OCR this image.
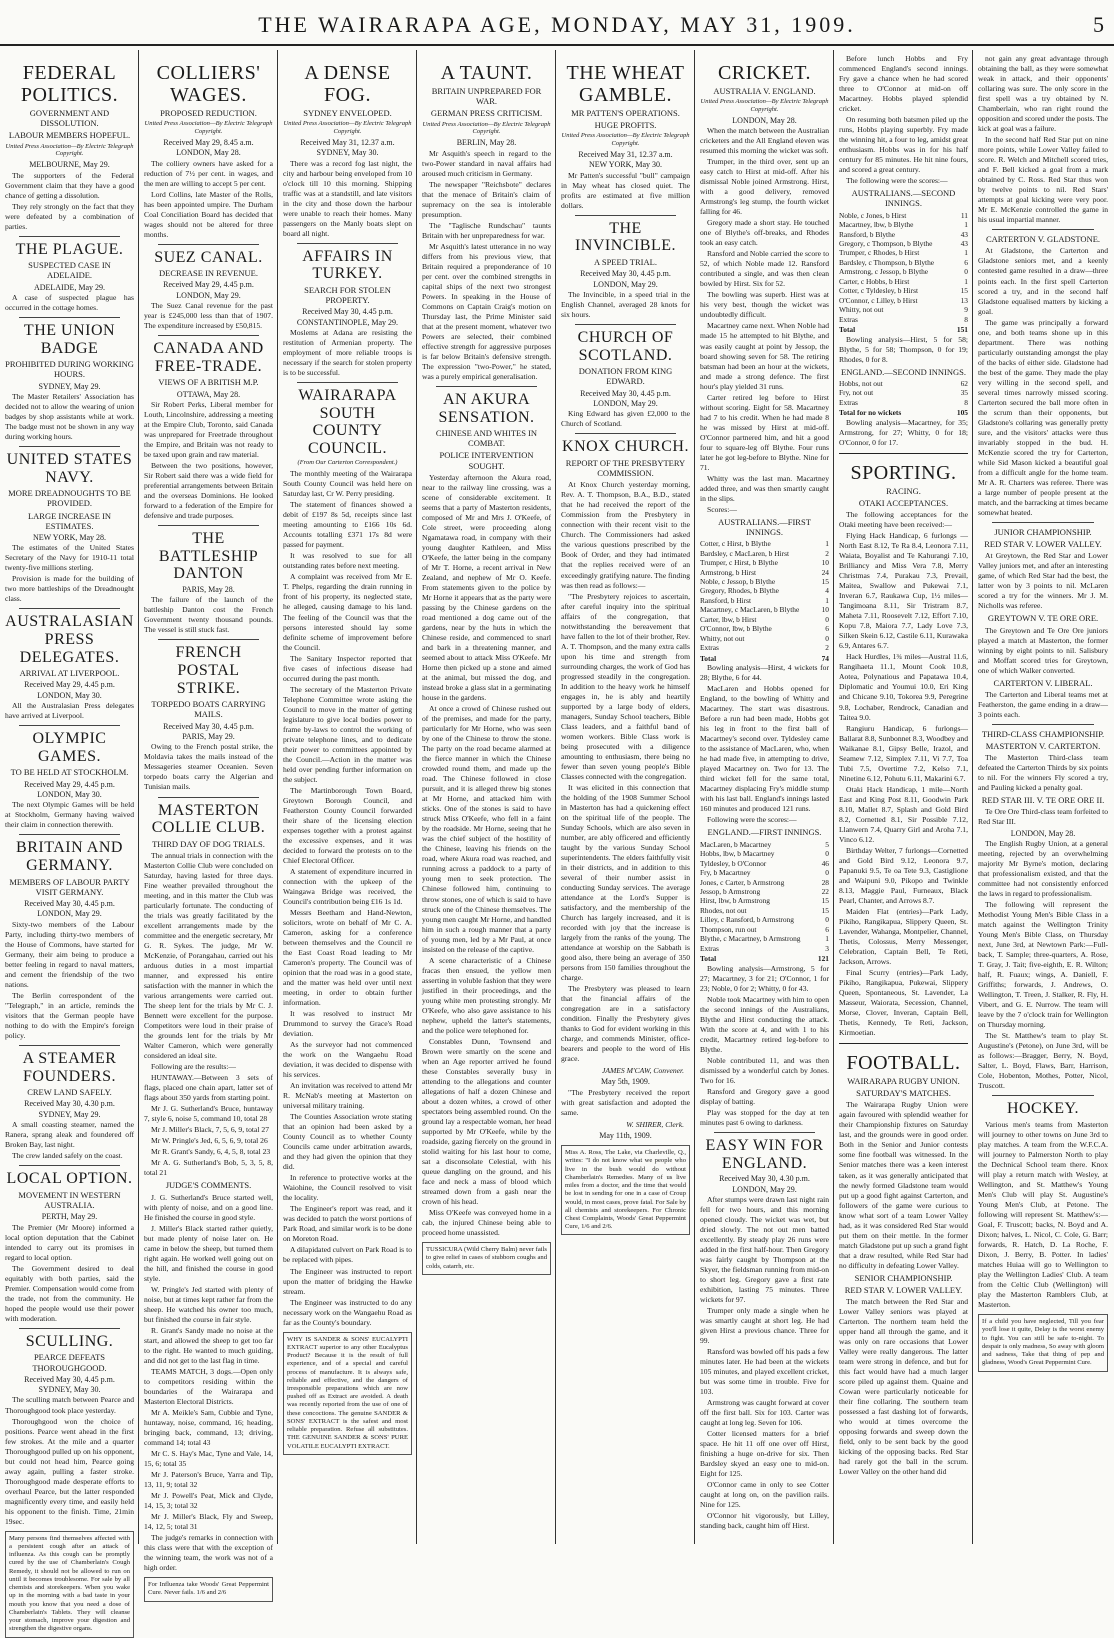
THE WAIRARAPA AGE, MONDAY, MAY 31, 1909.	5
FEDERAL POLITICS.
GOVERNMENT AND DISSOLUTION.
LABOUR MEMBERS HOPEFUL.
United Press Association—By Electric Telegraph Copyright.
MELBOURNE, May 29.

The supporters of the Federal Government claim that they have a good chance of getting a dissolution.

They rely strongly on the fact that they were defeated by a combination of parties.

THE PLAGUE.
SUSPECTED CASE IN ADELAIDE.
ADELAIDE, May 29.

A case of suspected plague has occurred in the cottage homes.

THE UNION BADGE
PROHIBITED DURING WORKING HOURS.
SYDNEY, May 29.

The Master Retailers' Association has decided not to allow the wearing of union badges by shop assistants while at work. The badge must not be shown in any way during working hours.

UNITED STATES NAVY.
MORE DREADNOUGHTS TO BE PROVIDED.
LARGE INCREASE IN ESTIMATES.
NEW YORK, May 28.

The estimates of the United States Secretary of the Navy for 1910-11 total twenty-five millions sterling.

Provision is made for the building of two more battleships of the Dreadnought class.

AUSTRALASIAN PRESS DELEGATES.
ARRIVAL AT LIVERPOOL.
Received May 29, 4.45 p.m.
LONDON, May 30.

All the Australasian Press delegates have arrived at Liverpool.

OLYMPIC GAMES.
TO BE HELD AT STOCKHOLM.
Received May 29, 4.45 p.m.
LONDON, May 30.

The next Olympic Games will be held at Stockholm, Germany having waived their claim in connection therewith.

BRITAIN AND GERMANY.
MEMBERS OF LABOUR PARTY VISIT GERMANY.
Received May 30, 4.45 p.m.
LONDON, May 29.

Sixty-two members of the Labour Party, including thirty-two members of the House of Commons, have started for Germany, their aim being to produce a better feeling in regard to naval matters, and cement the friendship of the two nations.

The Berlin correspondent of the "Telegraph," in an article, reminds the visitors that the German people have nothing to do with the Empire's foreign policy.

A STEAMER FOUNDERS.
CREW LAND SAFELY.
Received May 30, 4.30 p.m.
SYDNEY, May 29.

A small coasting steamer, named the Ranera, sprang aleak and foundered off Broken Bay, last night.

The crew landed safely on the coast.

LOCAL OPTION.
MOVEMENT IN WESTERN AUSTRALIA.
PERTH, May 29.

The Premier (Mr Moore) informed a local option deputation that the Cabinet intended to carry out its promises in regard to local option.

The Government desired to deal equitably with both parties, said the Premier. Compensation would come from the trade, not from the community. He hoped the people would use their power with moderation.

SCULLING.
PEARCE DEFEATS THOROUGHGOOD.
Received May 30, 4.45 p.m.
SYDNEY, May 30.

The sculling match between Pearce and Thoroughgood took place yesterday.

Thoroughgood won the choice of positions. Pearce went ahead in the first few strokes. At the mile and a quarter Thoroughgood pulled up on his opponent, but could not head him, Pearce going away again, pulling a faster stroke. Thoroughgood made desperate efforts to overhaul Pearce, but the latter responded magnificently every time, and easily held his opponent to the finish. Time, 21min 19sec.

Many persons find themselves affected with a persistent cough after an attack of influenza. As this cough can be promptly cured by the use of Chamberlain's Cough Remedy, it should not be allowed to run on until it becomes troublesome. For sale by all chemists and storekeepers. When you wake up in the morning with a bad taste in your mouth you know that you need a dose of Chamberlain's Tablets. They will cleanse your stomach, improve your digestion and strengthen the digestive organs.
COLLIERS' WAGES.
PROPOSED REDUCTION.
United Press Association—By Electric Telegraph Copyright.
Received May 29, 8.45 a.m.
LONDON, May 28.

The colliery owners have asked for a reduction of 7½ per cent. in wages, and the men are willing to accept 5 per cent.

Lord Collins, late Master of the Rolls, has been appointed umpire. The Durham Coal Conciliation Board has decided that wages should not be altered for three months.

SUEZ CANAL.
DECREASE IN REVENUE.
Received May 29, 4.45 p.m.
LONDON, May 29.

The Suez Canal revenue for the past year is £245,000 less than that of 1907. The expenditure increased by £50,815.

CANADA AND FREE-TRADE.
VIEWS OF A BRITISH M.P.
OTTAWA, May 28.

Sir Robert Perks, Liberal member for Louth, Lincolnshire, addressing a meeting at the Empire Club, Toronto, said Canada was unprepared for Freetrade throughout the Empire, and Britain was not ready to be taxed upon grain and raw material.

Between the two positions, however, Sir Robert said there was a wide field for preferential arrangements between Britain and the overseas Dominions. He looked forward to a federation of the Empire for defensive and trade purposes.

THE BATTLESHIP DANTON
PARIS, May 28.

The failure of the launch of the battleship Danton cost the French Government twenty thousand pounds. The vessel is still stuck fast.

FRENCH POSTAL STRIKE.
TORPEDO BOATS CARRYING MAILS.
Received May 30, 4.45 p.m.
PARIS, May 29.

Owing to the French postal strike, the Moldavia takes the mails instead of the Messageries steamer Oceanien. Seven torpedo boats carry the Algerian and Tunisian mails.

MASTERTON COLLIE CLUB.
THIRD DAY OF DOG TRIALS.

The annual trials in connection with the Masterton Collie Club were concluded on Saturday, having lasted for three days. Fine weather prevailed throughout the meeting, and in this matter the Club was particularly fortunate. The conducting of the trials was greatly facilitated by the excellent arrangements made by the committee and the energetic secretary, Mr G. R. Sykes. The judge, Mr W. McKenzie, of Porangahau, carried out his arduous duties in a most impartial manner, and expressed his entire satisfaction with the manner in which the various arrangements were carried out. The sheep lent for the trials by Mr C. J. Bennett were excellent for the purpose. Competitors were loud in their praise of the grounds lent for the trials by Mr Walter Cameron, which were generally considered an ideal site.

Following are the results:—

HUNTAWAY.—Between 3 sets of flags, placed one chain apart, latter set of flags about 350 yards from starting point.

Mr J. G. Sutherland's Bruce, huntaway 7, style 6, noise 5, command 10, total 28

Mr J. Miller's Black, 7, 5, 6, 9, total 27

Mr W. Pringle's Jed, 6, 5, 6, 9, total 26

Mr R. Grant's Sandy, 6, 4, 5, 8, total 23

Mr A. G. Sutherland's Bob, 5, 3, 5, 8, total 21

JUDGE'S COMMENTS.

J. G. Sutherland's Bruce started well, with plenty of noise, and on a good line. He finished the course in good style.

J. Miller's Black started rather quietly, but made plenty of noise later on. He came in below the sheep, but turned them right again. He worked well going out on the hill, and finished the course in good style.

W. Pringle's Jed started with plenty of noise, but at times kept rather far from the sheep. He watched his owner too much, but finished the course in fair style.

R. Grant's Sandy made no noise at the start, and allowed the sheep to get too far to the right. He wanted to much guiding, and did not get to the last flag in time.

TEAMS MATCH, 3 dogs.—Open only to competitors residing within the boundaries of the Wairarapa and Masterton Electoral Districts.

Mr A. Meikle's Sam, Cubbie and Tyne, huntaway, noise, command, 16; heading, bringing back, command, 13; driving, command 14; total 43

Mr C. S. Hay's Mac, Tyne and Vale, 14, 15, 6; total 35

Mr J. Paterson's Bruce, Yarra and Tip, 13, 11, 9; total 32

Mr J. Powell's Peat, Mick and Clyde, 14, 15, 3; total 32

Mr J. Miller's Black, Fly and Sweep, 14, 12, 5; total 31

The judge's remarks in connection with this class were that with the exception of the winning team, the work was not of a high order.

For Influenza take Woods' Great Peppermint Cure. Never fails. 1/6 and 2/6
A DENSE FOG.
SYDNEY ENVELOPED.
United Press Association—By Electric Telegraph Copyright.
Received May 31, 12.37 a.m.
SYDNEY, May 30.

There was a record fog last night, the city and harbour being enveloped from 10 o'clock till 10 this morning. Shipping traffic was at a standstill, and late visitors in the city and those down the harbour were unable to reach their homes. Many passengers on the Manly boats slept on board all night.

AFFAIRS IN TURKEY.
SEARCH FOR STOLEN PROPERTY.
Received May 30, 4.45 p.m.
CONSTANTINOPLE, May 29.

Moslems at Adana are resisting the restitution of Armenian property. The employment of more reliable troops is necessary if the search for stolen property is to be successful.

WAIRARAPA SOUTH COUNTY COUNCIL.
(From Our Carterton Correspondent.)

The monthly meeting of the Wairarapa South County Council was held here on Saturday last, Cr W. Perry presiding.

The statement of finances showed a debit of £197 8s 5d, receipts since last meeting amounting to £166 10s 6d. Accounts totalling £371 17s 8d were passed for payment.

It was resolved to sue for all outstanding rates before next meeting.

A complaint was received from Mr E. T. Phelps, regarding the drain running in front of his property, its neglected state, he alleged, causing damage to his land. The feeling of the Council was that the persons interested should lay some definite scheme of improvement before the Council.

The Sanitary Inspector reported that five cases of infectious disease had occurred during the past month.

The secretary of the Masterton Private Telephone Committee wrote asking the Council to move in the matter of getting legislature to give local bodies power to frame by-laws to control the working of private telephone lines, and to dedicate their power to committees appointed by the Council.—Action in the matter was held over pending further information on the subject.

The Martinborough Town Board, Greytown Borough Council, and Featherston County Council forwarded their share of the licensing election expenses together with a protest against the excessive expenses, and it was decided to forward the protests on to the Chief Electoral Officer.

A statement of expenditure incurred in connection with the upkeep of the Waingawa Bridge was received, the Council's contribution being £16 1s 1d.

Messrs Beetham and Hand-Newton, solicitors, wrote on behalf of Mr C. A. Cameron, asking for a conference between themselves and the Council re the East Coast Road leading to Mr Cameron's property. The Council was of opinion that the road was in a good state, and the matter was held over until next meeting, in order to obtain further information.

It was resolved to instruct Mr Drummond to survey the Grace's Road deviation.

As the surveyor had not commenced the work on the Wangaehu Road deviation, it was decided to dispense with his services.

An invitation was received to attend Mr R. McNab's meeting at Masterton on universal military training.

The Counties Association wrote stating that an opinion had been asked by a County Council as to whether County Councils came under arbitration awards, and they had given the opinion that they did.

In reference to protective works at the Waiohine, the Council resolved to visit the locality.

The Engineer's report was read, and it was decided to patch the worst portions of Park Road, and similar work is to be done on Moreton Road.

A dilapidated culvert on Park Road is to be replaced with pipes.

The Engineer was instructed to report upon the matter of bridging the Hawke stream.

The Engineer was instructed to do any necessary work on the Wangaehu Road as far as the County's boundary.

WHY IS SANDER & SONS' EUCALYPTI EXTRACT superior to any other Eucalyptus Product? Because it is the result of full experience, and of a special and careful process of manufacture. It is always safe, reliable and effective, and the dangers of irresponsible preparations which are now pushed off as Extract are avoided. A death was recently reported from the use of one of these concoctions. The genuine SANDER & SONS' EXTRACT is the safest and most reliable preparation. Refuse all substitutes. THE GENUINE SANDER & SONS' PURE VOLATILE EUCALYPTI EXTRACT.
A TAUNT.
BRITAIN UNPREPARED FOR WAR.
GERMAN PRESS CRITICISM.
United Press Association—By Electric Telegraph Copyright.
BERLIN, May 28.

Mr Asquith's speech in regard to the two-Power standard in naval affairs had aroused much criticism in Germany.

The newspaper "Reichsbote" declares that the menace of Britain's claim of supremacy on the sea is intolerable presumption.

The "Taglische Rundschau" taunts Britain with her unpreparedness for war.

Mr Asquith's latest utterance in no way differs from his previous view, that Britain required a preponderance of 10 per cent. over the combined strengths in capital ships of the next two strongest Powers. In speaking in the House of Commons on Captain Craig's motion on Thursday last, the Prime Minister said that at the present moment, whatever two Powers are selected, their combined effective strength for aggressive purposes is far below Britain's defensive strength. The expression "two-Power," he stated, was a purely empirical generalisation.

AN AKURA SENSATION.
CHINESE AND WHITES IN COMBAT.
POLICE INTERVENTION SOUGHT.

Yesterday afternoon the Akura road, near to the railway line crossing, was a scene of considerable excitement. It seems that a party of Masterton residents, composed of Mr and Mrs J. O'Keefe, of Cole street, were proceeding along Ngamatawa road, in company with their young daughter Kathleen, and Miss O'Keefe, the latter being in the company of Mr T. Horne, a recent arrival in New Zealand, and nephew of Mr O. Keefe. From statements given to the police by Mr Horne it appears that as the party were passing by the Chinese gardens on the road mentioned a dog came out of the gardens, near by the huts in which the Chinese reside, and commenced to snarl and bark in a threatening manner, and seemed about to attack Miss O'Keefe. Mr Horne then picked up a stone and aimed at the animal, but missed the dog, and instead broke a glass slat in a germinating house in the gardens.

At once a crowd of Chinese rushed out of the premises, and made for the party, particularly for Mr Horne, who was seen by one of the Chinese to throw the stone. The party on the road became alarmed at the fierce manner in which the Chinese crowded round them, and made up the road. The Chinese followed in close pursuit, and it is alleged threw big stones at Mr Horne, and attacked him with sticks. One of the stones is said to have struck Miss O'Keefe, who fell in a faint by the roadside. Mr Horne, seeing that he was the chief subject of the hostility of the Chinese, leaving his friends on the road, where Akura road was reached, and running across a paddock to a party of young men to seek protection. The Chinese followed him, continuing to throw stones, one of which is said to have struck one of the Chinese themselves. The young men caught Mr Horne, and handled him in such a rough manner that a party of young men, led by a Mr Paul, at once insisted on the release of the captive.

A scene characteristic of a Chinese fracas then ensued, the yellow men asserting in voluble fashion that they were justified in their proceedings, and the young white men protesting strongly. Mr O'Keefe, who also gave assistance to his nephew, upheld the latter's statements, and the police were telephoned for.

Constables Dunn, Townsend and Brown were smartly on the scene and when an Age reporter arrived he found these Constables severally busy in attending to the allegations and counter allegations of half a dozen Chinese and about a dozen whites, a crowd of other spectators being assembled round. On the ground lay a respectable woman, her head supported by Mr O'Keefe, while by the roadside, gazing fiercely on the ground in stolid waiting for his last hour to come, sat a disconsolate Celestial, with his queue dangling on the ground, and his face and neck a mass of blood which streamed down from a gash near the crown of his head.

Miss O'Keefe was conveyed home in a cab, the injured Chinese being able to proceed home unassisted.

TUSSICURA (Wild Cherry Balm) never fails to give relief in cases of stubborn coughs and colds, catarrh, etc.
THE WHEAT GAMBLE.
MR PATTEN'S OPERATIONS.
HUGE PROFITS.
United Press Association—By Electric Telegraph Copyright.
Received May 31, 12.37 a.m.
NEW YORK, May 30.

Mr Patten's successful "bull" campaign in May wheat has closed quiet. The profits are estimated at five million dollars.

THE INVINCIBLE.
A SPEED TRIAL.
Received May 30, 4.45 p.m.
LONDON, May 29.

The Invincible, in a speed trial in the English Channel, averaged 28 knots for six hours.

CHURCH OF SCOTLAND.
DONATION FROM KING EDWARD.
Received May 30, 4.45 p.m.
LONDON, May 29.

King Edward has given £2,000 to the Church of Scotland.

KNOX CHURCH.
REPORT OF THE PRESBYTERY COMMISSION.

At Knox Church yesterday morning, Rev. A. T. Thompson, B.A., B.D., stated that he had received the report of the Commission from the Presbytery in connection with their recent visit to the Church. The Commissioners had asked the various questions prescribed by the Book of Order, and they had intimated that the replies received were of an exceedingly gratifying nature. The finding was then read as follows:—

"The Presbytery rejoices to ascertain, after careful inquiry into the spiritual affairs of the congregation, that notwithstanding the bereavement that have fallen to the lot of their brother, Rev. A. T. Thompson, and the many extra calls upon his time and strength from surrounding charges, the work of God has progressed steadily in the congregation. In addition to the heavy work he himself engages in, he is ably and heartily supported by a large body of elders, managers, Sunday School teachers, Bible Class leaders, and a faithful band of women workers. Bible Class work is being prosecuted with a diligence amounting to enthusiasm, there being no fewer than seven young people's Bible Classes connected with the congregation.

It was elicited in this connection that the holding of the 1908 Summer School in Masterton has had a quickening effect on the spiritual life of the people. The Sunday Schools, which are also seven in number, are ably officered and efficiently taught by the various Sunday School superintendents. The elders faithfully visit in their districts, and in addition to this several of their number assist in conducting Sunday services. The average attendance at the Lord's Supper is satisfactory, and the membership of the Church has largely increased, and it is recorded with joy that the increase is largely from the ranks of the young. The attendance at worship on the Sabbath is good also, there being an average of 350 persons from 150 families throughout the charge.

The Presbytery was pleased to learn that the financial affairs of the congregation are in a satisfactory condition. Finally the Presbytery gives thanks to God for evident working in this charge, and commends Minister, office-bearers and people to the word of His grace.

JAMES M'CAW, Convener.
May 5th, 1909.

"The Presbytery received the report with great satisfaction and adopted the same.

W. SHIRER, Clerk.
May 11th, 1909.
Miss A. Ross, The Lake, via Charleville, Q., writes: "I do not know what we people who live in the bush would do without Chamberlain's Remedies. Many of us live miles from a doctor, and the time that would be lost in sending for one in a case of Croup would, in most cases, prove fatal. For Sale by all chemists and storekeepers. For Chronic Chest Complaints, Woods' Great Peppermint Cure, 1/6 and 2/6.
CRICKET.
AUSTRALIA V. ENGLAND.
United Press Association—By Electric Telegraph Copyright.
LONDON, May 28.

When the match between the Australian cricketers and the All England eleven was resumed this morning the wicket was soft.

Trumper, in the third over, sent up an easy catch to Hirst at mid-off. After his dismissal Noble joined Armstrong. Hirst, with a good delivery, removed Armstrong's leg stump, the fourth wicket falling for 46.

Gregory made a short stay. He touched one of Blythe's off-breaks, and Rhodes took an easy catch.

Ransford and Noble carried the score to 52, of which Noble made 12. Ransford contributed a single, and was then clean bowled by Hirst. Six for 52.

The bowling was superb. Hirst was at his very best, though the wicket was undoubtedly difficult.

Macartney came next. When Noble had made 15 he attempted to hit Blythe, and was easily caught at point by Jessop, the board showing seven for 58. The retiring batsman had been an hour at the wickets, and made a strong defence. The first hour's play yielded 31 runs.

Carter retired leg before to Hirst without scoring. Eight for 58. Macartney had 7 to his credit. When he had made 8 he was missed by Hirst at mid-off. O'Connor partnered him, and hit a good four to square-leg off Blythe. Four runs later he got leg-before to Blythe. Nine for 71.

Whitty was the last man. Macartney added three, and was then smartly caught in the slips.

Scores:—

AUSTRALIANS.—FIRST INNINGS.
Cotter, c Hirst, b Blythe	1
Bardsley, c MacLaren, b Hirst	2
Trumper, c Hirst, b Blythe	10
Armstrong, b Hirst	24
Noble, c Jessop, b Blythe	15
Gregory, Rhodes, b Blythe	4
Ransford, b Hirst	1
Macartney, c MacLaren, b Blythe	10
Carter, lbw, b Hirst	0
O'Connor, lbw, b Blythe	6
Whitty, not out	0
Extras	2
Total	74

Bowling analysis—Hirst, 4 wickets for 28; Blythe, 6 for 44.

MacLaren and Hobbs opened for England, to the bowling of Whitty and Macartney. The start was disastrous. Before a run had been made, Hobbs got his leg in front to the first ball of Macartney's second over. Tyldesley came to the assistance of MacLaren, who, when he had made five, in attempting to drive, played Macartney on. Two for 13. The third wicket fell for the same total, Macartney displacing Fry's middle stump with his last ball. England's innings lasted 160 minutes and produced 121 runs.

Following were the scores:—

ENGLAND.—FIRST INNINGS.
MacLaren, b Macartney	5
Hobbs, lbw, b Macartney	0
Tyldesley, b O'Connor	46
Fry, b Macartney	0
Jones, c Carter, b Armstrong	28
Jessop, b Armstrong	22
Hirst, lbw, b Armstrong	15
Rhodes, not out	15
Lilley, c Ransford, b Armstrong	0
Thompson, run out	6
Blythe, c Macartney, b Armstrong	1
Extras	3
Total	121

Bowling analysis—Armstrong, 5 for 27; Macartney, 3 for 21; O'Connor, 1 for 23; Noble, 0 for 2; Whitty, 0 for 43.

Noble took Macartney with him to open the second innings of the Australians, Blythe and Hirst conducting the attack. With the score at 4, and with 1 to his credit, Macartney retired leg-before to Blythe.

Noble contributed 11, and was then dismissed by a wonderful catch by Jones. Two for 16.

Ransford and Gregory gave a good display of batting.

Play was stopped for the day at ten minutes past 6 owing to darkness.

EASY WIN FOR ENGLAND.
Received May 30, 4.30 p.m.
LONDON, May 29.

After stumps were drawn last night rain fell for two hours, and this morning opened cloudy. The wicket was wet, but dried slowly. The not out men batted excellently. By steady play 26 runs were added in the first half-hour. Then Gregory was fairly caught by Thompson at the Skyer, the fieldsman running from mid-on to short leg. Gregory gave a first rate exhibition, lasting 75 minutes. Three wickets for 97.

Trumper only made a single when he was smartly caught at short leg. He had given Hirst a previous chance. Three for 99.

Ransford was bowled off his pads a few minutes later. He had been at the wickets 105 minutes, and played excellent cricket, but was some time in trouble. Five for 103.

Armstrong was caught forward at cover off the first ball. Six for 103. Carter was caught at long leg. Seven for 106.

Cotter licensed matters for a brief space. He hit 11 off one over off Hirst, finishing a huge on-drive for six. Then Bardsley skyed an easy one to mid-on. Eight for 125.

O'Connor came in only to see Cotter caught at long on, on the pavilion rails. Nine for 125.

O'Connor hit vigorously, but Lilley, standing back, caught him off Hirst.

Before lunch Hobbs and Fry commenced England's second innings. Fry gave a chance when he had scored three to O'Connor at mid-on off Macartney. Hobbs played splendid cricket.

On resuming both batsmen piled up the runs, Hobbs playing superbly. Fry made the winning hit, a four to leg, amidst great enthusiasm. Hobbs was in for his half century for 85 minutes. He hit nine fours, and scored a great century.

The following were the scores:—

AUSTRALIANS.—SECOND INNINGS.
Noble, c Jones, b Hirst	11
Macartney, lbw, b Blythe	1
Ransford, b Blythe	43
Gregory, c Thompson, b Blythe	43
Trumper, c Rhodes, b Hirst	1
Bardsley, c Thompson, b Blythe	6
Armstrong, c Jessop, b Blythe	0
Carter, c Hobbs, b Hirst	1
Cotter, c Tyldesley, b Hirst	15
O'Connor, c Lilley, b Hirst	13
Whitty, not out	9
Extras	8
Total	151

Bowling analysis—Hirst, 5 for 58; Blythe, 5 for 58; Thompson, 0 for 19; Rhodes, 0 for 8.

ENGLAND.—SECOND INNINGS.
Hobbs, not out	62
Fry, not out	35
Extras	8
Total for no wickets	105

Bowling analysis—Macartney, for 35; Armstrong, for 27; Whitty, 0 for 18; O'Connor, 0 for 17.

SPORTING.
RACING.
OTAKI ACCEPTANCES.

The following acceptances for the Otaki meeting have been received:—

Flying Hack Handicap, 6 furlongs —North East 8.12, Te Ra 8.4, Leonora 7.11, Waiata, Boyalist and Te Kahurangi 7.10, Brilliancy and Miss Vera 7.8, Merry Christmas 7.4, Purakau 7.3, Prevail, Maitea, Swallow and Pukewai 7.1, Inveran 6.7, Raukawa Cup, 1½ miles—Tangimoana 8.11, Sir Tristram 8.7, Maheta 7.11, Roosevelt 7.12, Effort 7.10, Kopu 7.8, Maiora 7.7, Lady Love 7.3, Silken Skein 6.12, Castile 6.11, Kurawaka 6.9, Antares 6.7.

Hack Hurdles, 1¾ miles—Austral 11.6, Rangihaeta 11.1, Mount Cook 10.8, Aotea, Polynatious and Papatawa 10.4, Diplomatic and Youmui 10.0, Eri King and Chicane 9.10, Tokorea 9.9, Peregrine 9.8, Lochaber, Rendrock, Canadian and Taitea 9.0.

Rangiuru Handicap, 6 furlongs—Ballarat 8.8, Sunbonnet 8.3, Woodbey and Waikanae 8.1, Gipsy Belle, Irazol, and Seamew 7.12, Simplex 7.11, Vi 7.7, Toa Tubi 7.5, Overtime 7.2, Kelso 7.1, Ninetine 6.12, Pohutu 6.11, Makarini 6.7.

Otaki Hack Handicap, 1 mile—North East and King Post 8.11, Goodwin Park 8.10, Mallet 8.7, Splash and Gold Bird 8.2, Cornetted 8.1, Sir Possible 7.12, Llanwern 7.4, Quarry Girl and Aroha 7.1, Vinco 6.12.

Birthday Welter, 7 furlongs—Cornetted and Gold Bird 9.12, Leonora 9.7, Papanuki 9.5, Te oa Tete 9.3, Castiglione and Waipuni 9.0, Pikopo and Twinkle 8.13, Maggie Paul, Furneaux, Black Pearl, Chanter, and Arrows 8.7.

Maiden Flat (entries)—Park Lady, Pikiho, Rangikapua, Slippery Queen, St. Lavender, Wahanga, Montpelier, Channel, Thetis, Colossus, Merry Messenger, Celebration, Captain Bell, Te Reti, Jackson, Arrows.

Final Scurry (entries)—Park Lady, Pikiho, Rangikapua, Pukewai, Slippery Queen, Spontaneous, St. Lavender, La Masseur, Waiorata, Secession, Channel, Morse, Clover, Inveran, Captain Bell, Thetis, Kennedy, Te Reti, Jackson, Kirmoetian.

FOOTBALL.
WAIRARAPA RUGBY UNION.
SATURDAY'S MATCHES.

The Wairarapa Rugby Union were again favoured with splendid weather for their Championship fixtures on Saturday last, and the grounds were in good order. Both in the Senior and Junior contests some fine football was witnessed. In the Senior matches there was a keen interest taken, as it was generally anticipated that the newly formed Gladstone team would put up a good fight against Carterton, and followers of the game were curious to know what sort of a team Lower Valley had, as it was considered Red Star would put them on their mettle. In the former match Gladstone put up such a grand fight that a draw resulted, while Red Star had no difficulty in defeating Lower Valley.

SENIOR CHAMPIONSHIP.
RED STAR V. LOWER VALLEY.

The match between the Red Star and Lower Valley seniors was played at Carterton. The northern team held the upper hand all through the game, and it was only on rare occasions that Lower Valley were really dangerous. The latter team were strong in defence, and but for this fact would have had a much larger score piled up against them. Quaine and Cowan were particularly noticeable for their fine collaring. The southern team possessed a fast dashing lot of forwards, who would at times overcome the opposing forwards and sweep down the field, only to be sent back by the good kicking of the opposing backs. Red Star had rarely got the ball in the scrum. Lower Valley on the other hand did

not gain any great advantage through obtaining the ball, as they were somewhat weak in attack, and their opponents' collaring was sure. The only score in the first spell was a try obtained by N. Chamberlain, who ran right round the opposition and scored under the posts. The kick at goal was a failure.

In the second half Red Star put on nine more points, while Lower Valley failed to score. R. Welch and Mitchell scored tries, and F. Bell kicked a goal from a mark obtained by C. Ross. Red Star thus won by twelve points to nil. Red Stars' attempts at goal kicking were very poor. Mr E. McKenzie controlled the game in his usual impartial manner.

CARTERTON V. GLADSTONE.

At Gladstone, the Carterton and Gladstone seniors met, and a keenly contested game resulted in a draw—three points each. In the first spell Carterton scored a try, and in the second half Gladstone equalised matters by kicking a goal.

The game was principally a forward one, and both teams shone up in this department. There was nothing particularly outstanding amongst the play of the backs of either side. Gladstone had the best of the game. They made the play very willing in the second spell, and several times narrowly missed scoring. Carterton secured the ball more often in the scrum than their opponents, but Gladstone's collaring was generally pretty sure, and the visitors' attacks were thus invariably stopped in the bud. H. McKenzie scored the try for Carterton, while Sid Mason kicked a beautiful goal from a difficult angle for the home team. Mr A. R. Charters was referee. There was a large number of people present at the match, and the barracking at times became somewhat heated.

JUNIOR CHAMPIONSHIP.
RED STAR V. LOWER VALLEY.

At Greytown, the Red Star and Lower Valley juniors met, and after an interesting game, of which Red Star had the best, the latter won by 3 points to nil. McLaren scored a try for the winners. Mr J. M. Nicholls was referee.

GREYTOWN V. TE ORE ORE.

The Greytown and Te Ore Ore juniors played a match at Masterton, the former winning by eight points to nil. Salisbury and Moffatt scored tries for Greytown, one of which Walker converted.

CARTERTON V. LIBERAL.

The Carterton and Liberal teams met at Featherston, the game ending in a draw—3 points each.

THIRD-CLASS CHAMPIONSHIP.
MASTERTON V. CARTERTON.

The Masterton Third-class team defeated the Carterton Thirds by six points to nil. For the winners Fly scored a try, and Pauling kicked a penalty goal.

RED STAR III. V. TE ORE ORE II.

Te Ore Ore Third-class team forfeited to Red Star III.

LONDON, May 28.

The English Rugby Union, at a general meeting, rejected by an overwhelming majority Mr Byrne's motion, declaring that professionalism existed, and that the committee had not consistently enforced the laws in regard to professionalism.

The following will represent the Methodist Young Men's Bible Class in a match against the Wellington Trinity Young Men's Bible Class, on Thursday next, June 3rd, at Newtown Park:—Full-back, T. Sample; three-quarters, A. Rose, T. Gray, J. Tait; five-eighth, E. R. Wilton; half, R. Fuaux; wings, A. Daniell, F. Griffiths; forwards, J. Andrews, O. Wellington, T. Treen, J. Stalker, R. Fly, H. Vibert, and G. E. Nurrow. The team will leave by the 7 o'clock train for Wellington on Thursday morning.

The St. Matthew's team to play St. Augustine's (Petone), on June 3rd, will be as follows:—Bragger, Berry, N. Boyd, Salter, L. Boyd, Flaws, Barr, Harrison, Cole, Hobenton, Mothes, Potter, Nicol, Truscott.

HOCKEY.

Various men's teams from Masterton will journey to other towns on June 3rd to play matches. A team from the W.F.C.A. will journey to Palmerston North to play the Dechnical School team there. Knox will play a return match with Wesley, at Wellington, and St. Matthew's Young Men's Club will play St. Augustine's Young Men's Club, at Petone. The following will represent St. Matthew's:—Goal, F. Truscott; backs, N. Boyd and A. Dixon; halves, L. Nicol, C. Cole, G. Barr; forwards, R. Hatch, D. La Roche, F. Dixon, J. Berry, B. Potter. In ladies' matches Huiaa will go to Wellington to play the Wellington Ladies' Club. A team from the Celtic Club (Wellington) will play the Masterton Ramblers Club, at Masterton.

If a child you have neglected, Till you fear you'll lose it quite, Delay is the worst enemy to fight. You can still be safe to-night. To despair is only madness, So away with gloom and sadness, Take that thing of pep and gladness, Wood's Great Peppermint Cure.
